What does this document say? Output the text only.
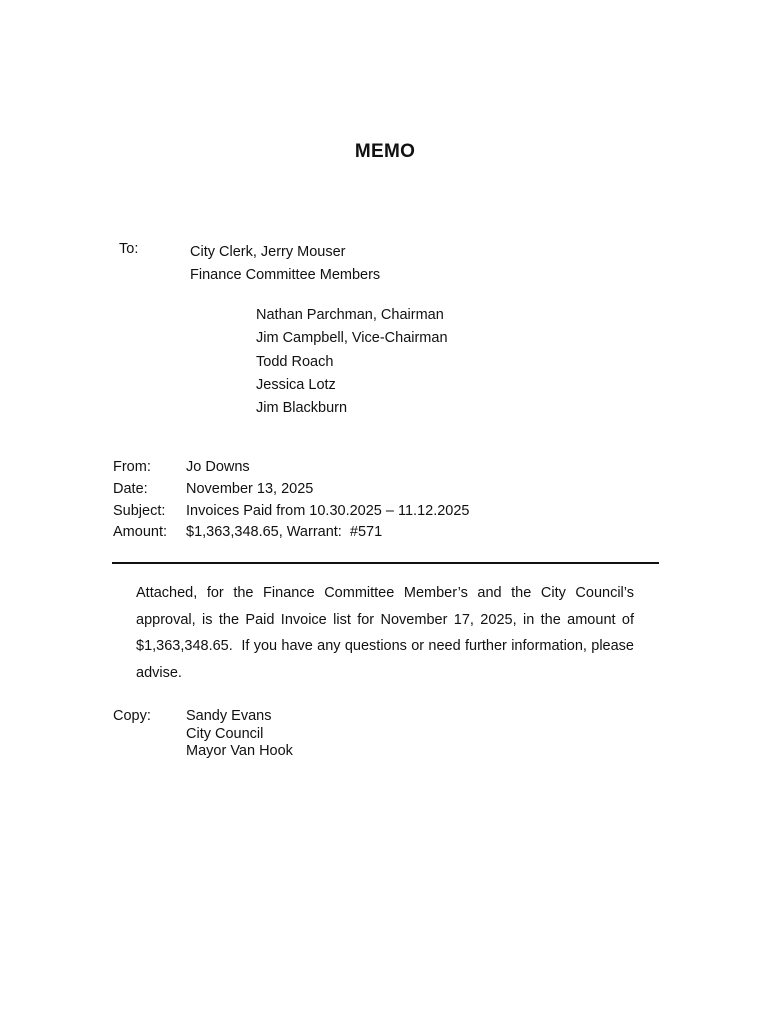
MEMO
To:	City Clerk, Jerry Mouser
Finance Committee Members
Nathan Parchman, Chairman
Jim Campbell, Vice-Chairman
Todd Roach
Jessica Lotz
Jim Blackburn
From:	Jo Downs
Date:	November 13, 2025
Subject:	Invoices Paid from 10.30.2025 – 11.12.2025
Amount:	$1,363,348.65, Warrant:  #571
Attached, for the Finance Committee Member’s and the City Council’s approval, is the Paid Invoice list for November 17, 2025, in the amount of $1,363,348.65.  If you have any questions or need further information, please advise.
Copy: Sandy Evans
City Council
Mayor Van Hook
